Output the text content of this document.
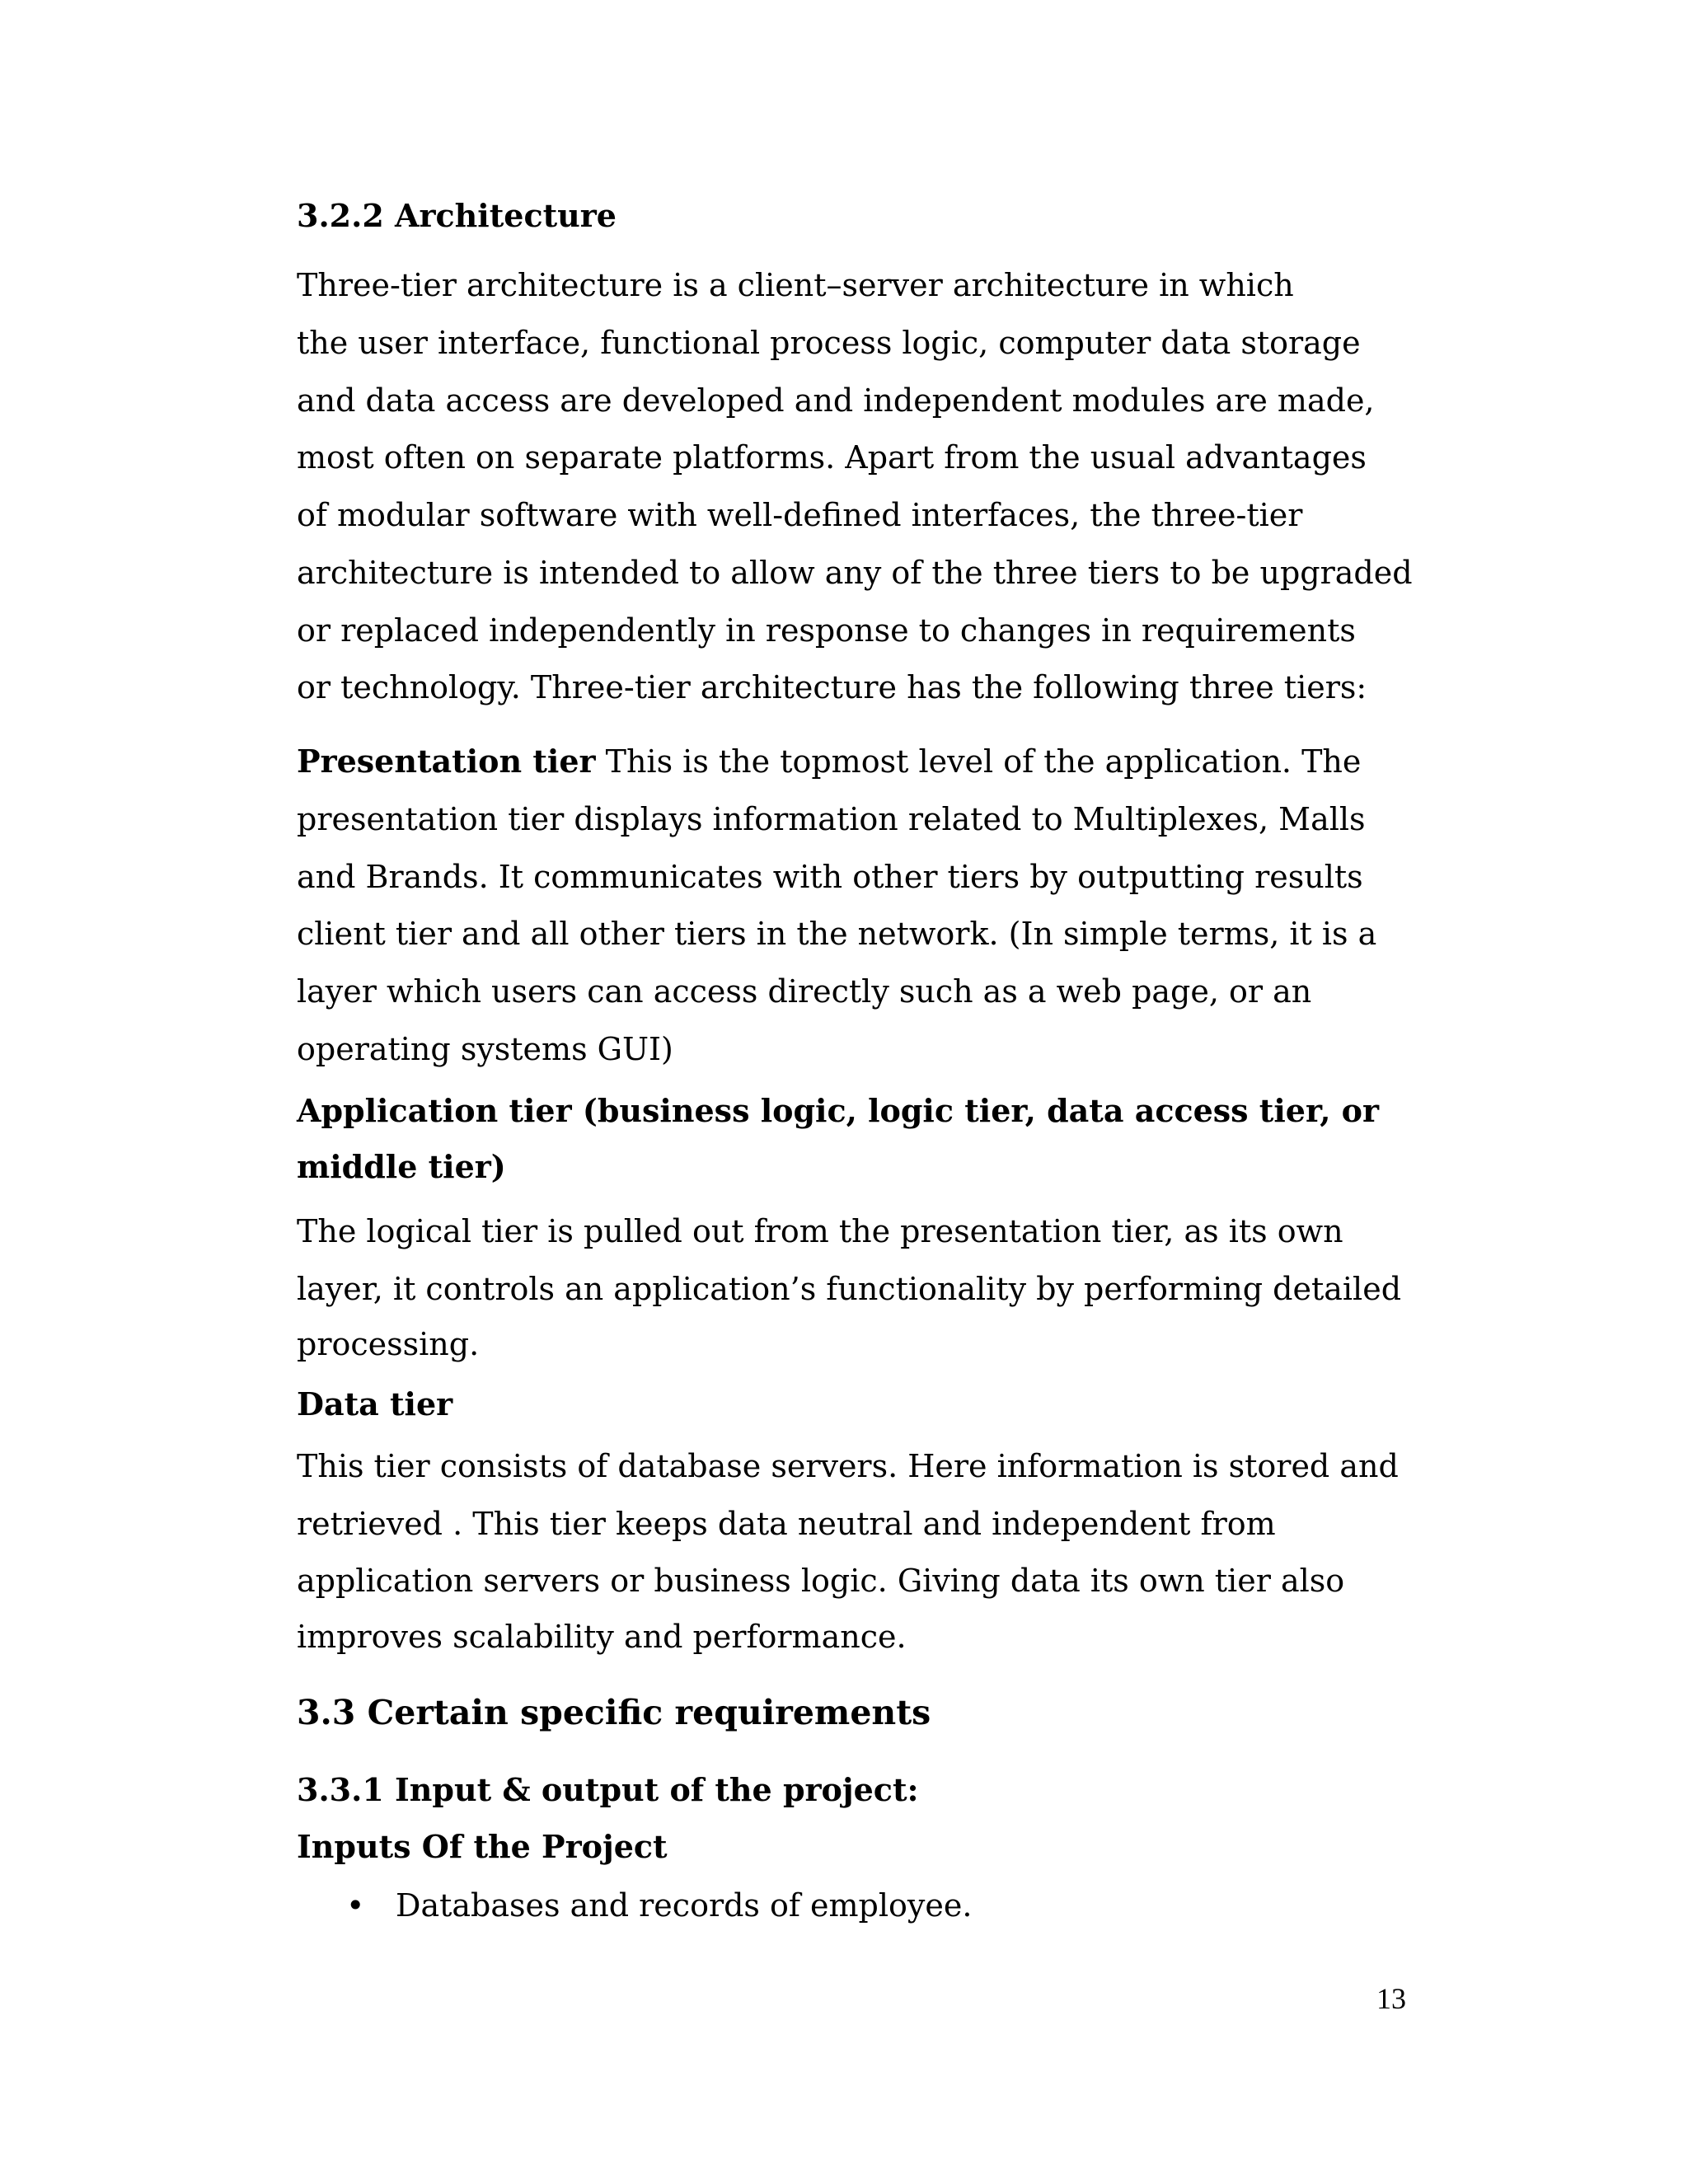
3.2.2 Architecture
Three-tier architecture is a client–server architecture in which
the user interface, functional process logic, computer data storage
and data access are developed and independent modules are made,
most often on separate platforms. Apart from the usual advantages
of modular software with well-defined interfaces, the three-tier
architecture is intended to allow any of the three tiers to be upgraded
or replaced independently in response to changes in requirements
or technology. Three-tier architecture has the following three tiers:
Presentation tier This is the topmost level of the application. The
presentation tier displays information related to Multiplexes, Malls
and Brands. It communicates with other tiers by outputting results
client tier and all other tiers in the network. (In simple terms, it is a
layer which users can access directly such as a web page, or an
operating systems GUI)
Application tier (business logic, logic tier, data access tier, or
middle tier)
The logical tier is pulled out from the presentation tier, as its own
layer, it controls an application’s functionality by performing detailed
processing.
Data tier
This tier consists of database servers. Here information is stored and
retrieved . This tier keeps data neutral and independent from
application servers or business logic. Giving data its own tier also
improves scalability and performance.
3.3 Certain specific requirements
3.3.1 Input & output of the project:
Inputs Of the Project
• Databases and records of employee.
13
